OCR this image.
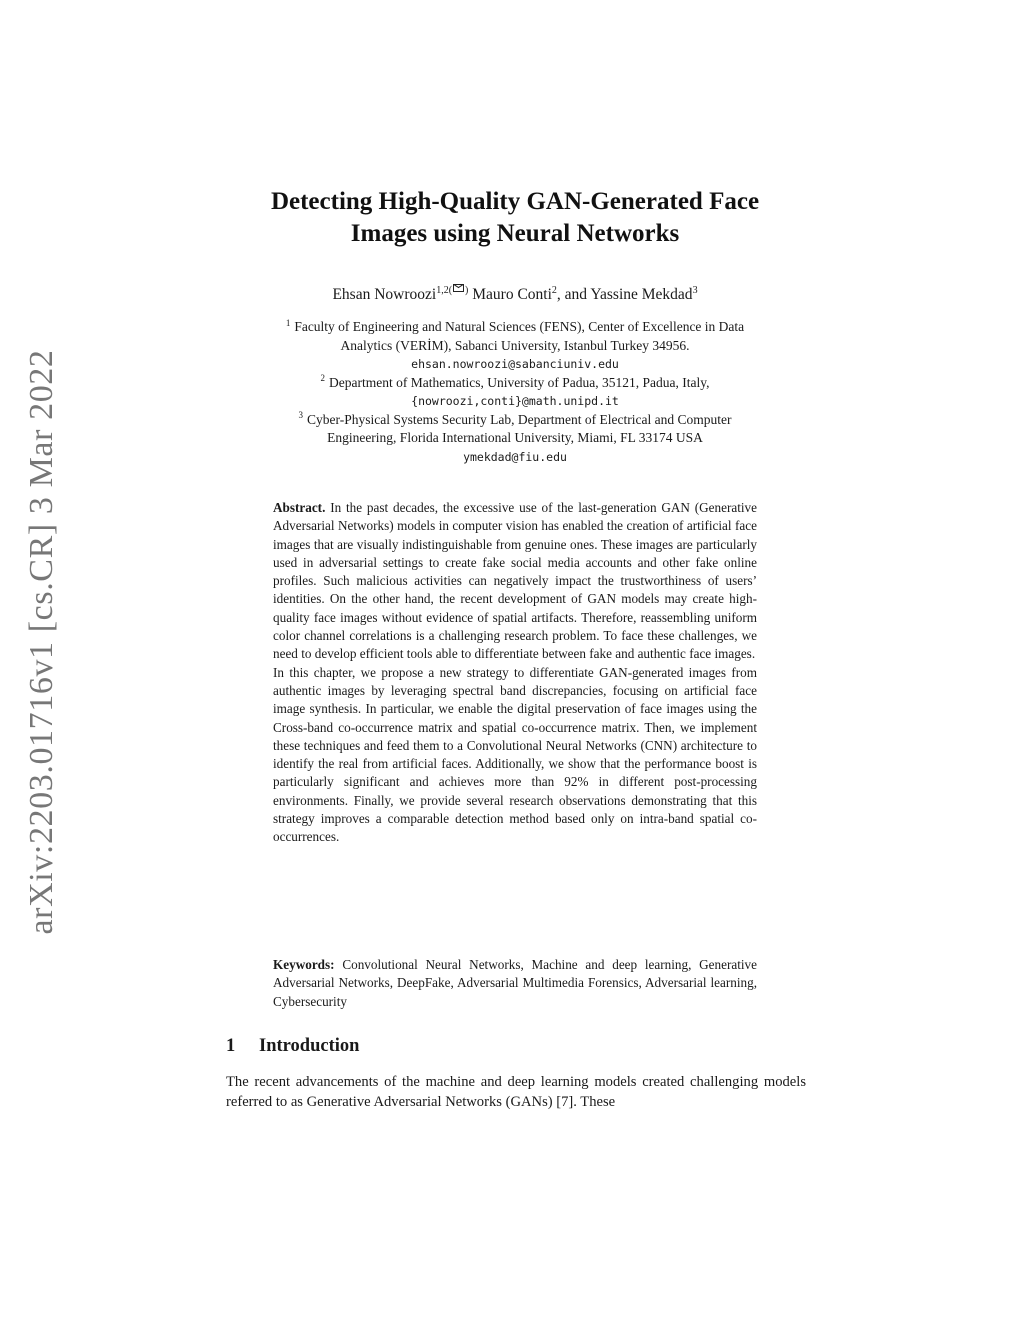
arXiv:2203.01716v1 [cs.CR] 3 Mar 2022
Detecting High-Quality GAN-Generated Face
Images using Neural Networks
Ehsan Nowroozi$^{1,2( )}$ Mauro Conti$^2$, and Yassine Mekdad$^3$
$^1$ Faculty of Engineering and Natural Sciences (FENS), Center of Excellence in Data
Analytics (VERİM), Sabanci University, Istanbul Turkey 34956.
ehsan.nowroozi@sabanciuniv.edu
$^2$ Department of Mathematics, University of Padua, 35121, Padua, Italy,
{nowroozi,conti}@math.unipd.it
$^3$ Cyber-Physical Systems Security Lab, Department of Electrical and Computer
Engineering, Florida International University, Miami, FL 33174 USA
ymekdad@fiu.edu

Abstract. In the past decades, the excessive use of the last-generation GAN (Generative Adversarial Networks) models in computer vision has enabled the creation of artificial face images that are visually indistinguishable from genuine ones. These images are particularly used in adversarial settings to create fake social media accounts and other fake online profiles. Such malicious activities can negatively impact the trustworthiness of users’ identities. On the other hand, the recent development of GAN models may create high-quality face images without evidence of spatial artifacts. Therefore, reassembling uniform color channel correlations is a challenging research problem. To face these challenges, we need to develop efficient tools able to differentiate between fake and authentic face images.

In this chapter, we propose a new strategy to differentiate GAN-generated images from authentic images by leveraging spectral band discrepancies, focusing on artificial face image synthesis. In particular, we enable the digital preservation of face images using the Cross-band co-occurrence matrix and spatial co-occurrence matrix. Then, we implement these techniques and feed them to a Convolutional Neural Networks (CNN) architecture to identify the real from artificial faces. Additionally, we show that the performance boost is particularly significant and achieves more than 92% in different post-processing environments. Finally, we provide several research observations demonstrating that this strategy improves a comparable detection method based only on intra-band spatial co-occurrences.

Keywords: Convolutional Neural Networks, Machine and deep learning, Generative Adversarial Networks, DeepFake, Adversarial Multimedia Forensics, Adversarial learning, Cybersecurity

1 Introduction

The recent advancements of the machine and deep learning models created challenging models referred to as Generative Adversarial Networks (GANs) [7]. These
